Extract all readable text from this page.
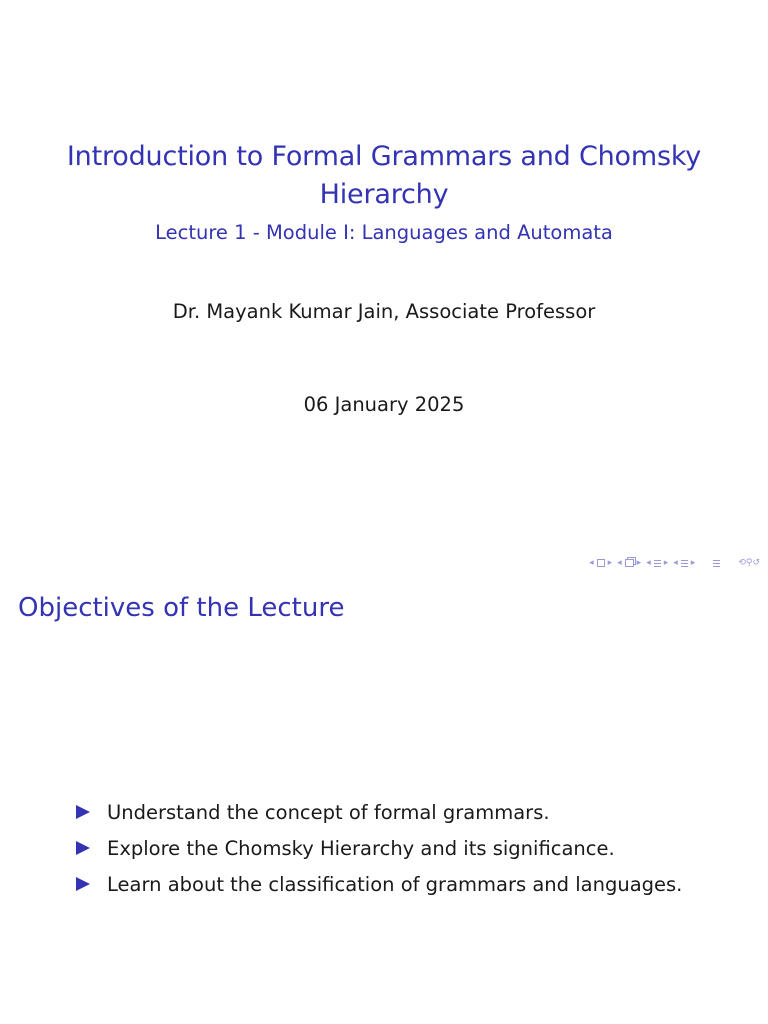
Introduction to Formal Grammars and Chomsky Hierarchy
Lecture 1 - Module I: Languages and Automata
Dr. Mayank Kumar Jain, Associate Professor
06 January 2025
◂ ▸ ◂ ▸ ◂ ▸ ◂ ▸	⟲⚲↺
Objectives of the Lecture
Understand the concept of formal grammars.
Explore the Chomsky Hierarchy and its significance.
Learn about the classification of grammars and languages.
